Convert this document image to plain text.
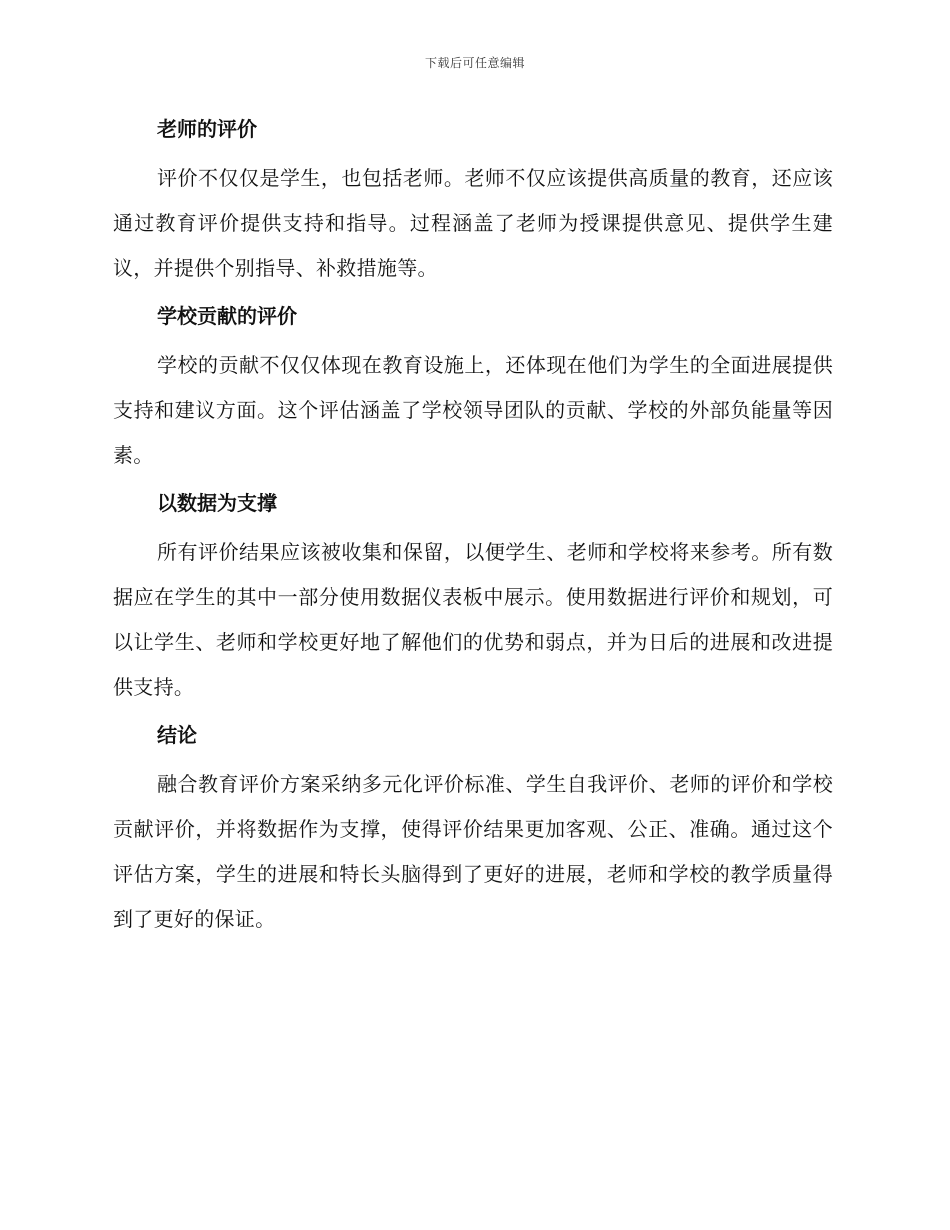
下载后可任意编辑
老师的评价

评价不仅仅是学生，也包括老师。老师不仅应该提供高质量的教育，还应该通过教育评价提供支持和指导。过程涵盖了老师为授课提供意见、提供学生建议，并提供个别指导、补救措施等。

学校贡献的评价

学校的贡献不仅仅体现在教育设施上，还体现在他们为学生的全面进展提供支持和建议方面。这个评估涵盖了学校领导团队的贡献、学校的外部负能量等因素。

以数据为支撑

所有评价结果应该被收集和保留，以便学生、老师和学校将来参考。所有数据应在学生的其中一部分使用数据仪表板中展示。使用数据进行评价和规划，可以让学生、老师和学校更好地了解他们的优势和弱点，并为日后的进展和改进提供支持。

结论

融合教育评价方案采纳多元化评价标准、学生自我评价、老师的评价和学校贡献评价，并将数据作为支撑，使得评价结果更加客观、公正、准确。通过这个评估方案，学生的进展和特长头脑得到了更好的进展，老师和学校的教学质量得到了更好的保证。
